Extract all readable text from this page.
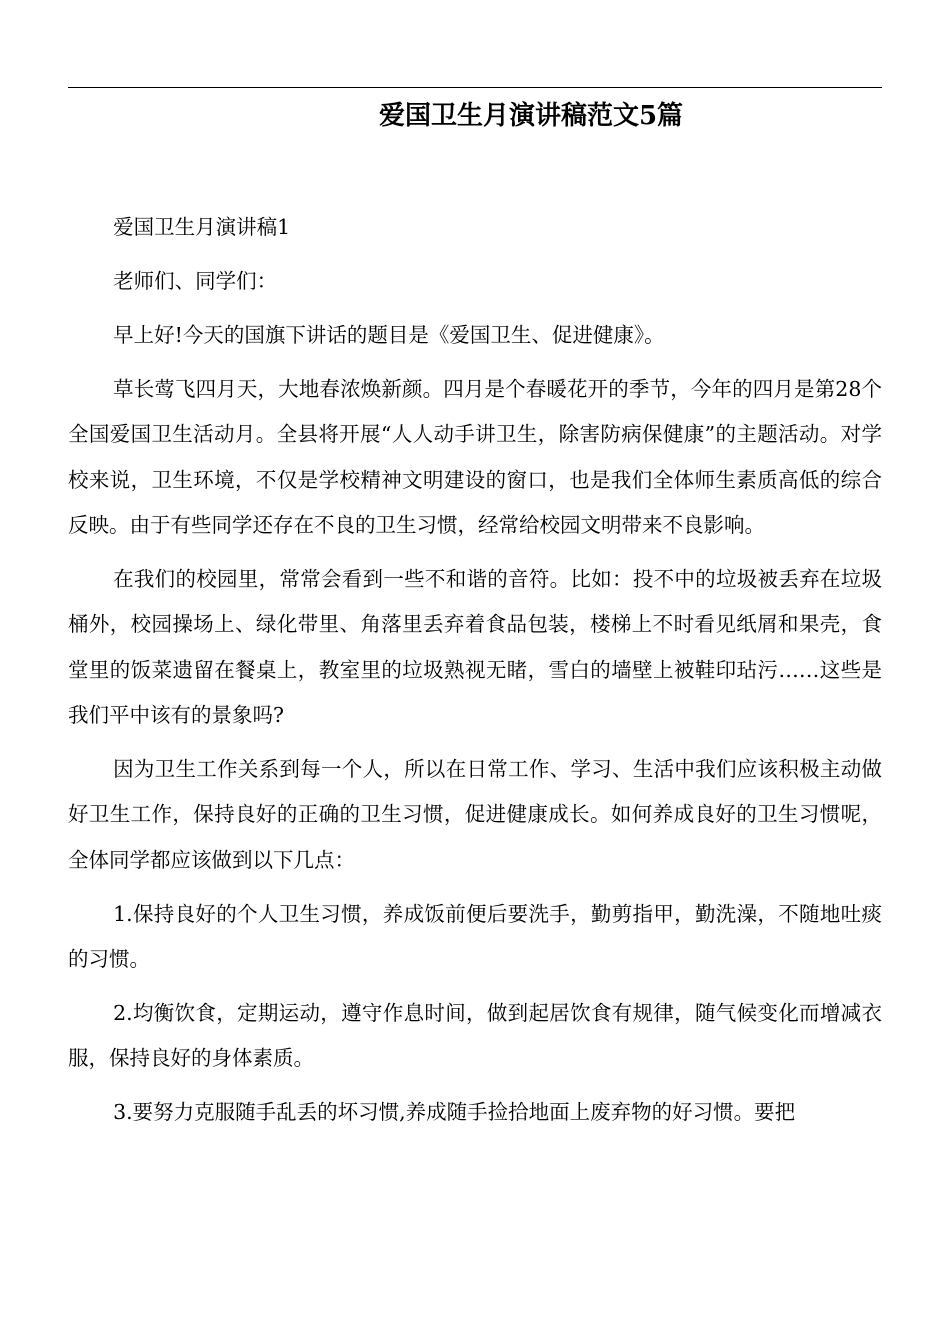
爱国卫生月演讲稿范文5篇

爱国卫生月演讲稿1

老师们、同学们：

早上好!今天的国旗下讲话的题目是《爱国卫生、促进健康》。

草长莺飞四月天，大地春浓焕新颜。四月是个春暖花开的季节，今年的四月是第28个全国爱国卫生活动月。全县将开展“人人动手讲卫生，除害防病保健康”的主题活动。对学校来说，卫生环境，不仅是学校精神文明建设的窗口，也是我们全体师生素质高低的综合反映。由于有些同学还存在不良的卫生习惯，经常给校园文明带来不良影响。

在我们的校园里，常常会看到一些不和谐的音符。比如：投不中的垃圾被丢弃在垃圾桶外，校园操场上、绿化带里、角落里丢弃着食品包装，楼梯上不时看见纸屑和果壳，食堂里的饭菜遗留在餐桌上，教室里的垃圾熟视无睹，雪白的墙壁上被鞋印玷污……这些是我们平中该有的景象吗?

因为卫生工作关系到每一个人，所以在日常工作、学习、生活中我们应该积极主动做好卫生工作，保持良好的正确的卫生习惯，促进健康成长。如何养成良好的卫生习惯呢，全体同学都应该做到以下几点：

1.保持良好的个人卫生习惯，养成饭前便后要洗手，勤剪指甲，勤洗澡，不随地吐痰的习惯。

2.均衡饮食，定期运动，遵守作息时间，做到起居饮食有规律，随气候变化而增减衣服，保持良好的身体素质。

3.要努力克服随手乱丢的坏习惯,养成随手捡拾地面上废弃物的好习惯。要把
